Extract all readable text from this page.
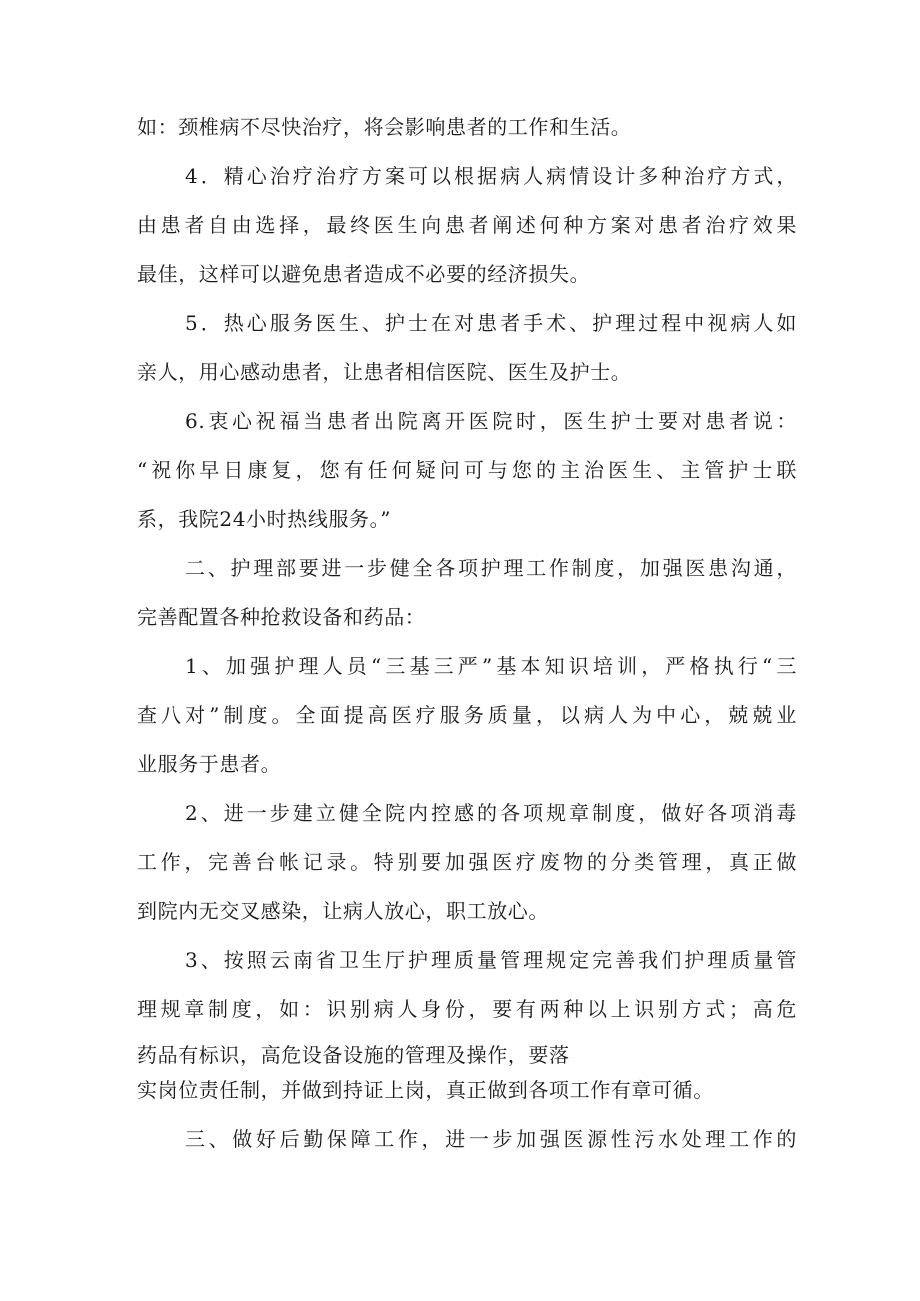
如：颈椎病不尽快治疗，将会影响患者的工作和生活。
4．精心治疗治疗方案可以根据病人病情设计多种治疗方式，
由患者自由选择，最终医生向患者阐述何种方案对患者治疗效果
最佳，这样可以避免患者造成不必要的经济损失。
5．热心服务医生、护士在对患者手术、护理过程中视病人如
亲人，用心感动患者，让患者相信医院、医生及护士。
6.衷心祝福当患者出院离开医院时，医生护士要对患者说：
“祝你早日康复，您有任何疑问可与您的主治医生、主管护士联
系，我院24小时热线服务。”
二、护理部要进一步健全各项护理工作制度，加强医患沟通，
完善配置各种抢救设备和药品：
1、加强护理人员“三基三严”基本知识培训，严格执行“三
查八对”制度。全面提高医疗服务质量，以病人为中心，兢兢业
业服务于患者。
2、进一步建立健全院内控感的各项规章制度，做好各项消毒
工作，完善台帐记录。特别要加强医疗废物的分类管理，真正做
到院内无交叉感染，让病人放心，职工放心。
3、按照云南省卫生厅护理质量管理规定完善我们护理质量管
理规章制度，如：识别病人身份，要有两种以上识别方式；高危
药品有标识，高危设备设施的管理及操作，要落
实岗位责任制，并做到持证上岗，真正做到各项工作有章可循。
三、做好后勤保障工作，进一步加强医源性污水处理工作的
